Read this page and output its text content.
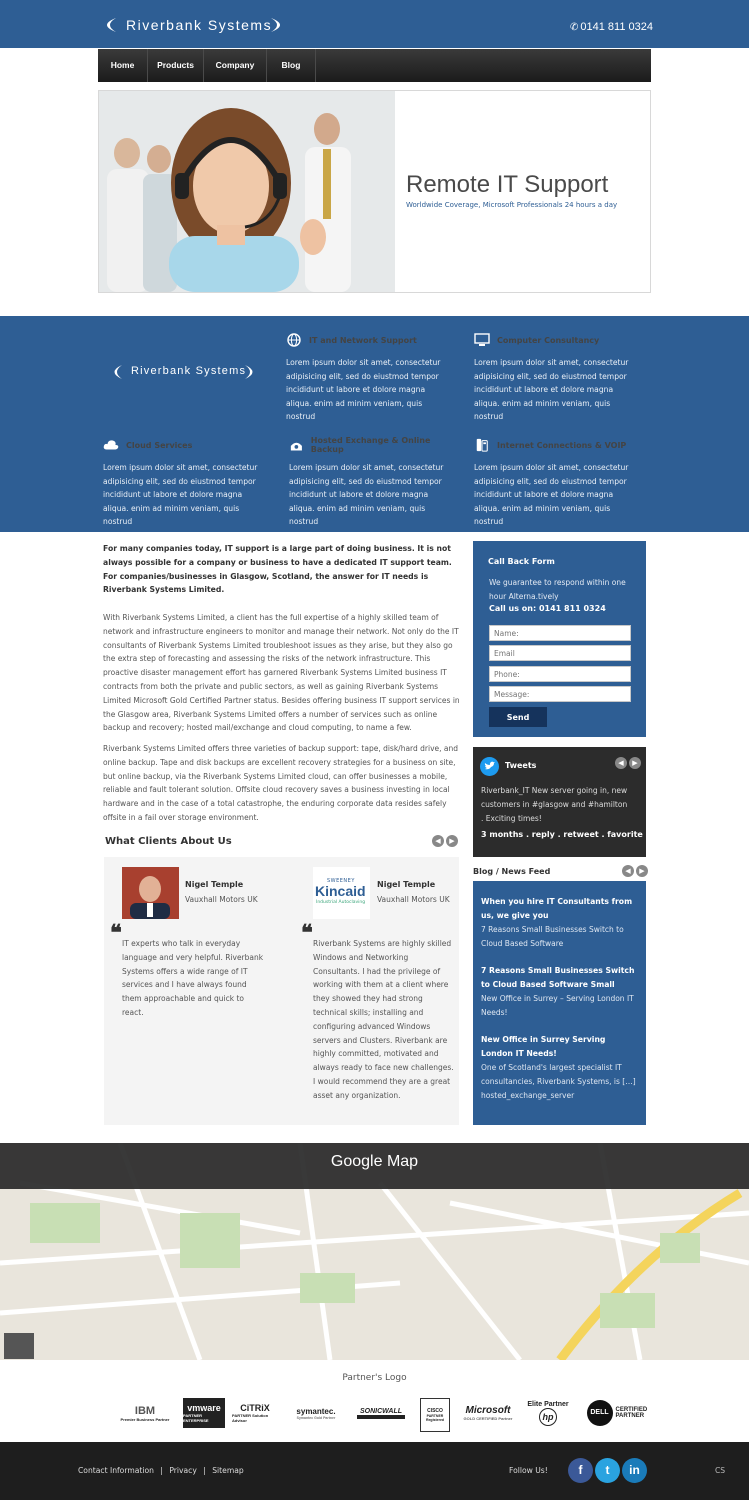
Riverbank Systems	✆ 0141 811 0324
Home	Products	Company	Blog
Remote IT Support
Worldwide Coverage, Microsoft Professionals 24 hours a day
Riverbank Systems
IT and Network Support
Lorem ipsum dolor sit amet, consectetur adipisicing elit, sed do eiustmod tempor incididunt ut labore et dolore magna aliqua. enim ad minim veniam, quis nostrud
Computer Consultancy
Lorem ipsum dolor sit amet, consectetur adipisicing elit, sed do eiustmod tempor incididunt ut labore et dolore magna aliqua. enim ad minim veniam, quis nostrud
Cloud Services
Lorem ipsum dolor sit amet, consectetur adipisicing elit, sed do eiustmod tempor incididunt ut labore et dolore magna aliqua. enim ad minim veniam, quis nostrud
Hosted Exchange & Online Backup
Lorem ipsum dolor sit amet, consectetur adipisicing elit, sed do eiustmod tempor incididunt ut labore et dolore magna aliqua. enim ad minim veniam, quis nostrud
Internet Connections & VOIP
Lorem ipsum dolor sit amet, consectetur adipisicing elit, sed do eiustmod tempor incididunt ut labore et dolore magna aliqua. enim ad minim veniam, quis nostrud
For many companies today, IT support is a large part of doing business. It is not always possible for a company or business to have a dedicated IT support team. For companies/businesses in Glasgow, Scotland, the answer for IT needs is Riverbank Systems Limited.
With Riverbank Systems Limited, a client has the full expertise of a highly skilled team of network and infrastructure engineers to monitor and manage their network. Not only do the IT consultants of Riverbank Systems Limited troubleshoot issues as they arise, but they also go the extra step of forecasting and assessing the risks of the network infrastructure. This proactive disaster management effort has garnered Riverbank Systems Limited business IT contracts from both the private and public sectors, as well as gaining Riverbank Systems Limited Microsoft Gold Certified Partner status. Besides offering business IT support services in the Glasgow area, Riverbank Systems Limited offers a number of services such as online backup and recovery; hosted mail/exchange and cloud computing, to name a few.
Riverbank Systems Limited offers three varieties of backup support: tape, disk/hard drive, and online backup. Tape and disk backups are excellent recovery strategies for a business on site, but online backup, via the Riverbank Systems Limited cloud, can offer businesses a mobile, reliable and fault tolerant solution. Offsite cloud recovery saves a business investing in local hardware and in the case of a total catastrophe, the enduring corporate data resides safely offsite in a fail over storage environment.
What Clients About Us	◀	▶
Nigel Temple
Vauxhall Motors UK
❝ IT experts who talk in everyday language and very helpful. Riverbank Systems offers a wide range of IT services and I have always found them approachable and quick to react.
SWEENEY
Kincaid
Industrial Autoclaving
Nigel Temple
Vauxhall Motors UK
❝ Riverbank Systems are highly skilled Windows and Networking Consultants. I had the privilege of working with them at a client where they showed they had strong technical skills; installing and configuring advanced Windows servers and Clusters. Riverbank are highly committed, motivated and always ready to face new challenges. I would recommend they are a great asset any organization.
Call Back Form
We guarantee to respond within one hour Alterna.tively
Call us on: 0141 811 0324
Name:
Email
Phone:
Message:
Send
Tweets	◀	▶
Riverbank_IT New server going in, new customers in #glasgow and #hamilton . Exciting times!
3 months . reply . retweet . favorite
Blog / News Feed	◀	▶
When you hire IT Consultants from us, we give you
7 Reasons Small Businesses Switch to Cloud Based Software
7 Reasons Small Businesses Switch to Cloud Based Software Small
New Office in Surrey – Serving London IT Needs!
New Office in Surrey Serving London IT Needs!
One of Scotland's largest specialist IT consultancies, Riverbank Systems, is […] hosted_exchange_server
Google Map
Partner's Logo
IBM
Premier Business Partner
vmware
PARTNER ENTERPRISE
CiTRiX
PARTNER Solution Advisor
symantec.
Symantec Gold Partner
SONICWALL	CISCO
PARTNER Registered
Microsoft
GOLD CERTIFIED Partner
Elite Partner
hp	DELL	CERTIFIED PARTNER
Contact Information | Privacy | Sitemap	Follow Us!	f	t	in	CS
